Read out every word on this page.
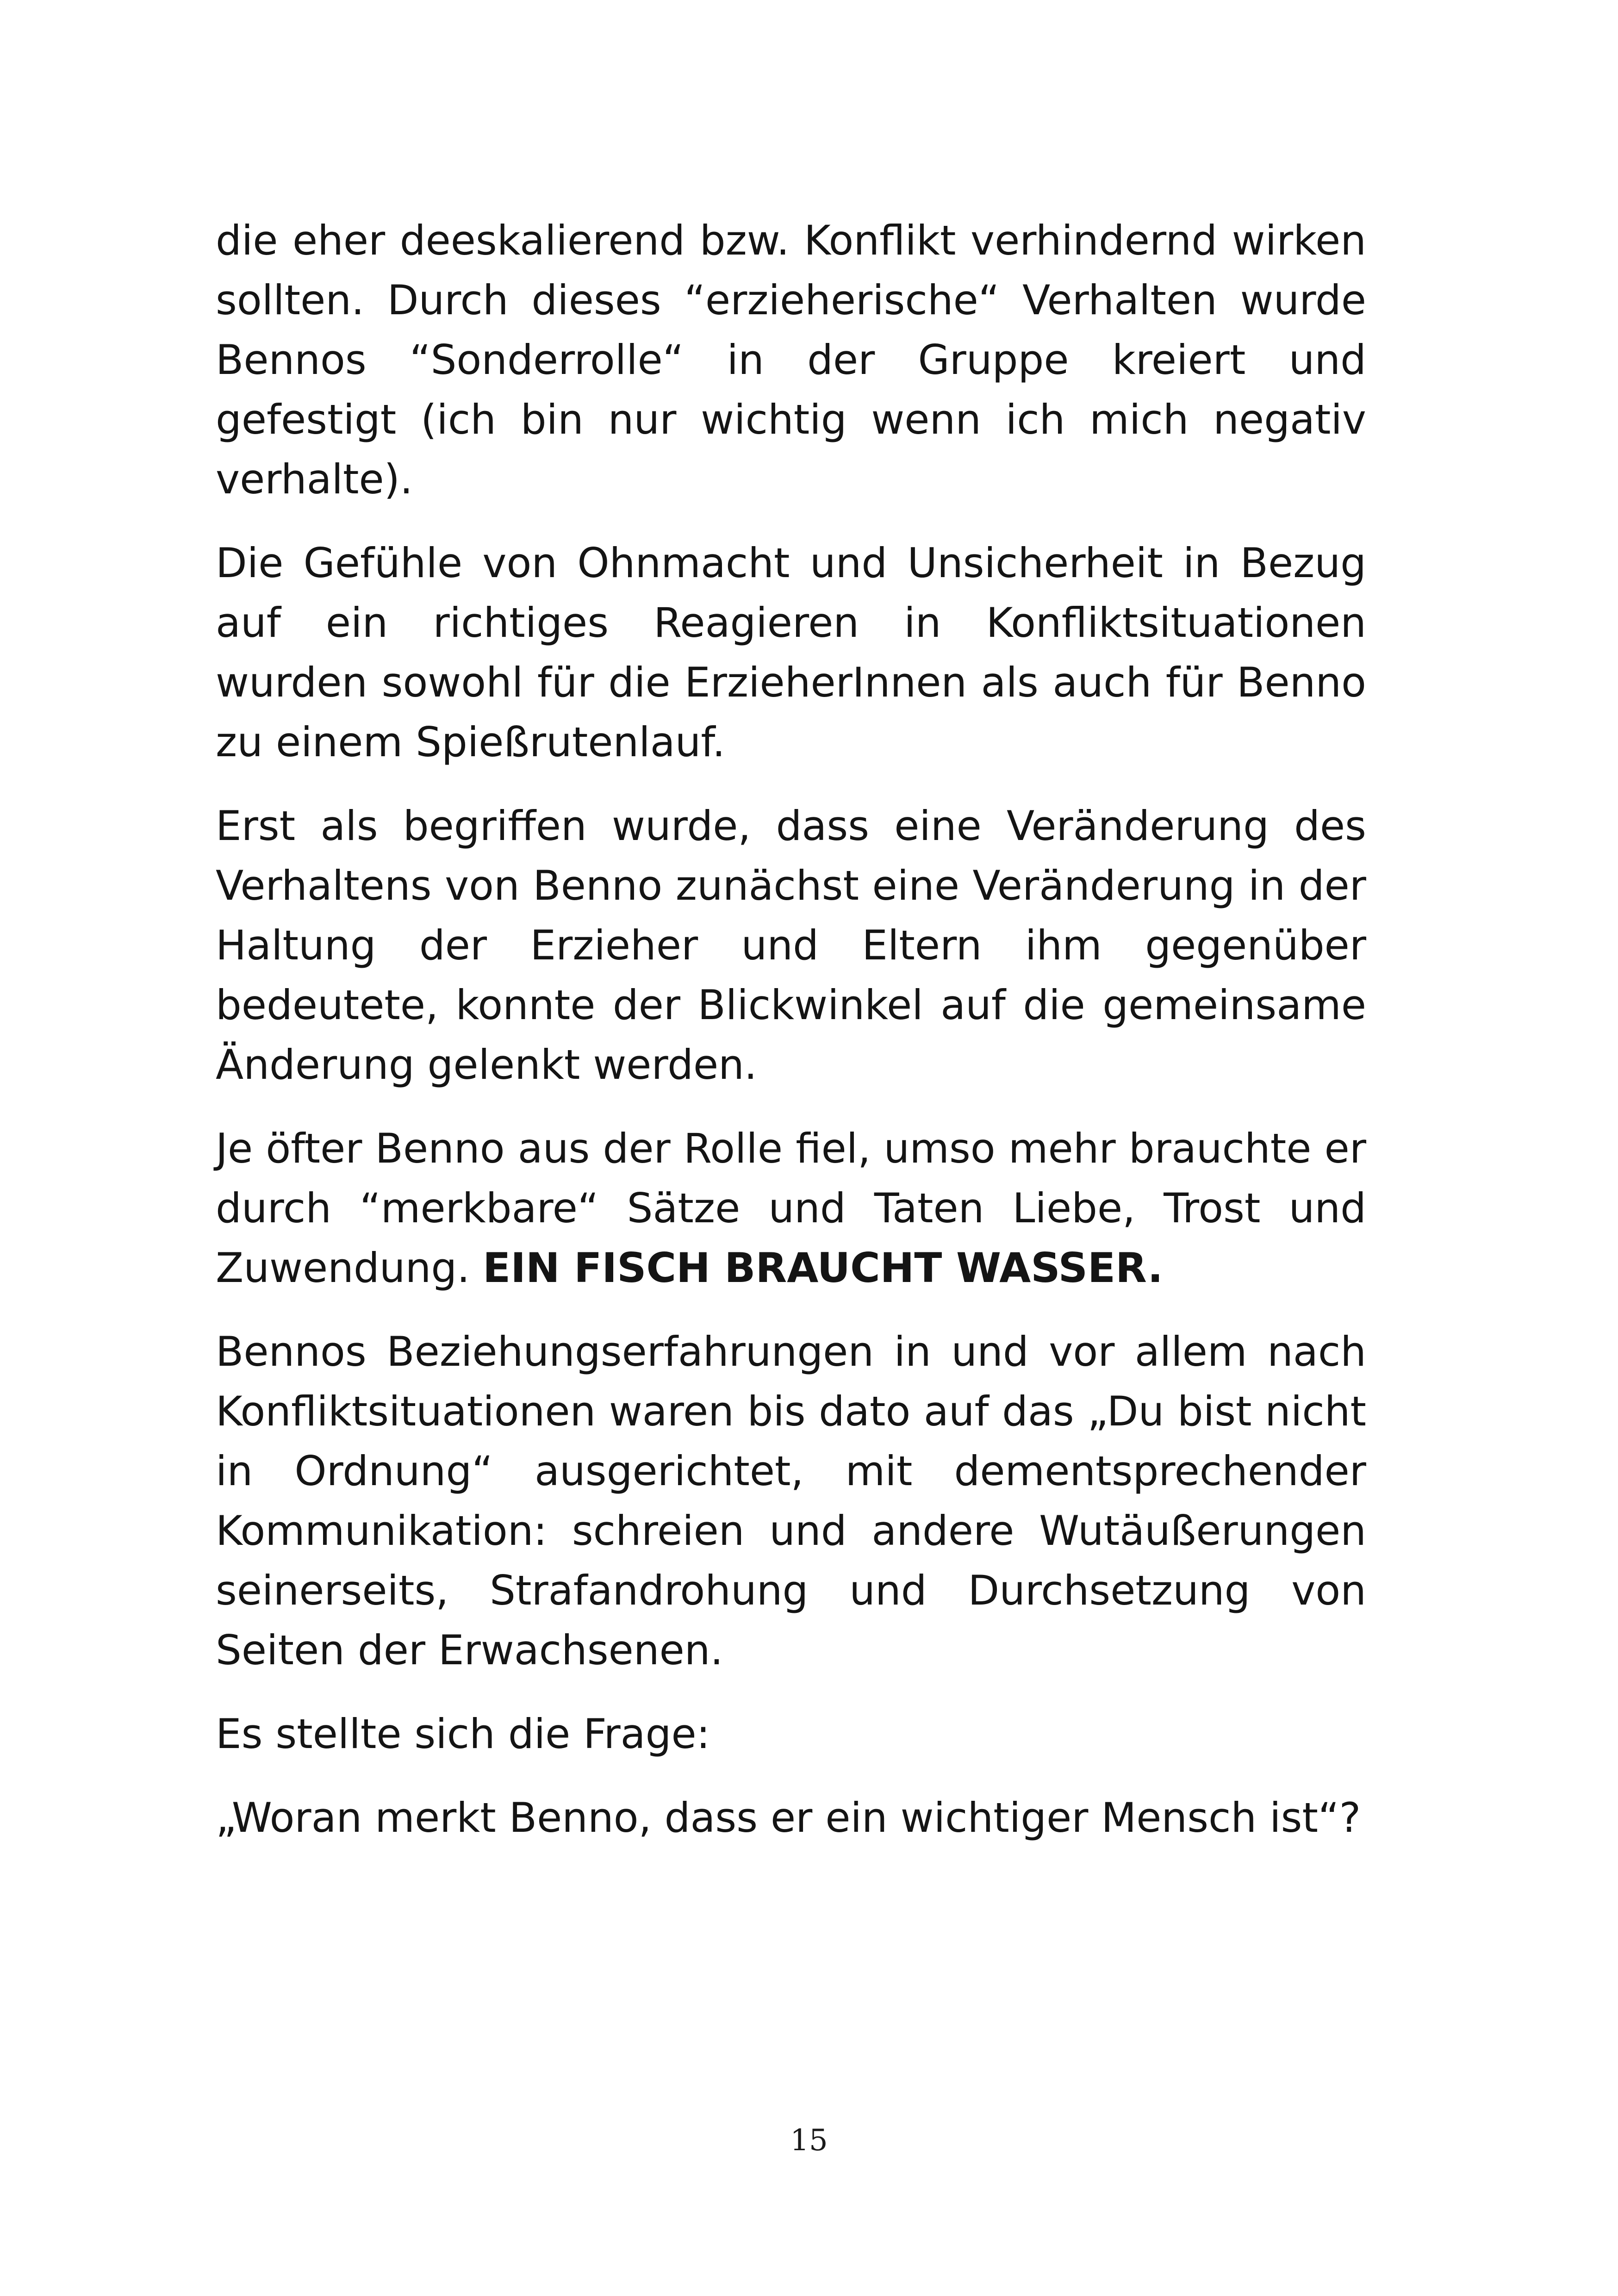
die eher deeskalierend bzw. Konflikt verhindernd wirken sollten. Durch dieses “erzieherische“ Verhalten wurde Bennos “Sonderrolle“ in der Gruppe kreiert und gefestigt (ich bin nur wichtig wenn ich mich negativ verhalte).

Die Gefühle von Ohnmacht und Unsicherheit in Bezug auf ein richtiges Reagieren in Konfliktsituationen wurden sowohl für die ErzieherInnen als auch für Benno zu einem Spießrutenlauf.

Erst als begriffen wurde, dass eine Veränderung des Verhaltens von Benno zunächst eine Veränderung in der Haltung der Erzieher und Eltern ihm gegenüber bedeutete, konnte der Blickwinkel auf die gemeinsame Änderung gelenkt werden.

Je öfter Benno aus der Rolle fiel, umso mehr brauchte er durch “merkbare“ Sätze und Taten Liebe, Trost und Zuwendung. EIN FISCH BRAUCHT WASSER.

Bennos Beziehungserfahrungen in und vor allem nach Konfliktsituationen waren bis dato auf das „Du bist nicht in Ordnung“ ausgerichtet, mit dementsprechender Kommunikation: schreien und andere Wutäußerungen seinerseits, Strafandrohung und Durchsetzung von Seiten der Erwachsenen.

Es stellte sich die Frage:

„Woran merkt Benno, dass er ein wichtiger Mensch ist“?

15
